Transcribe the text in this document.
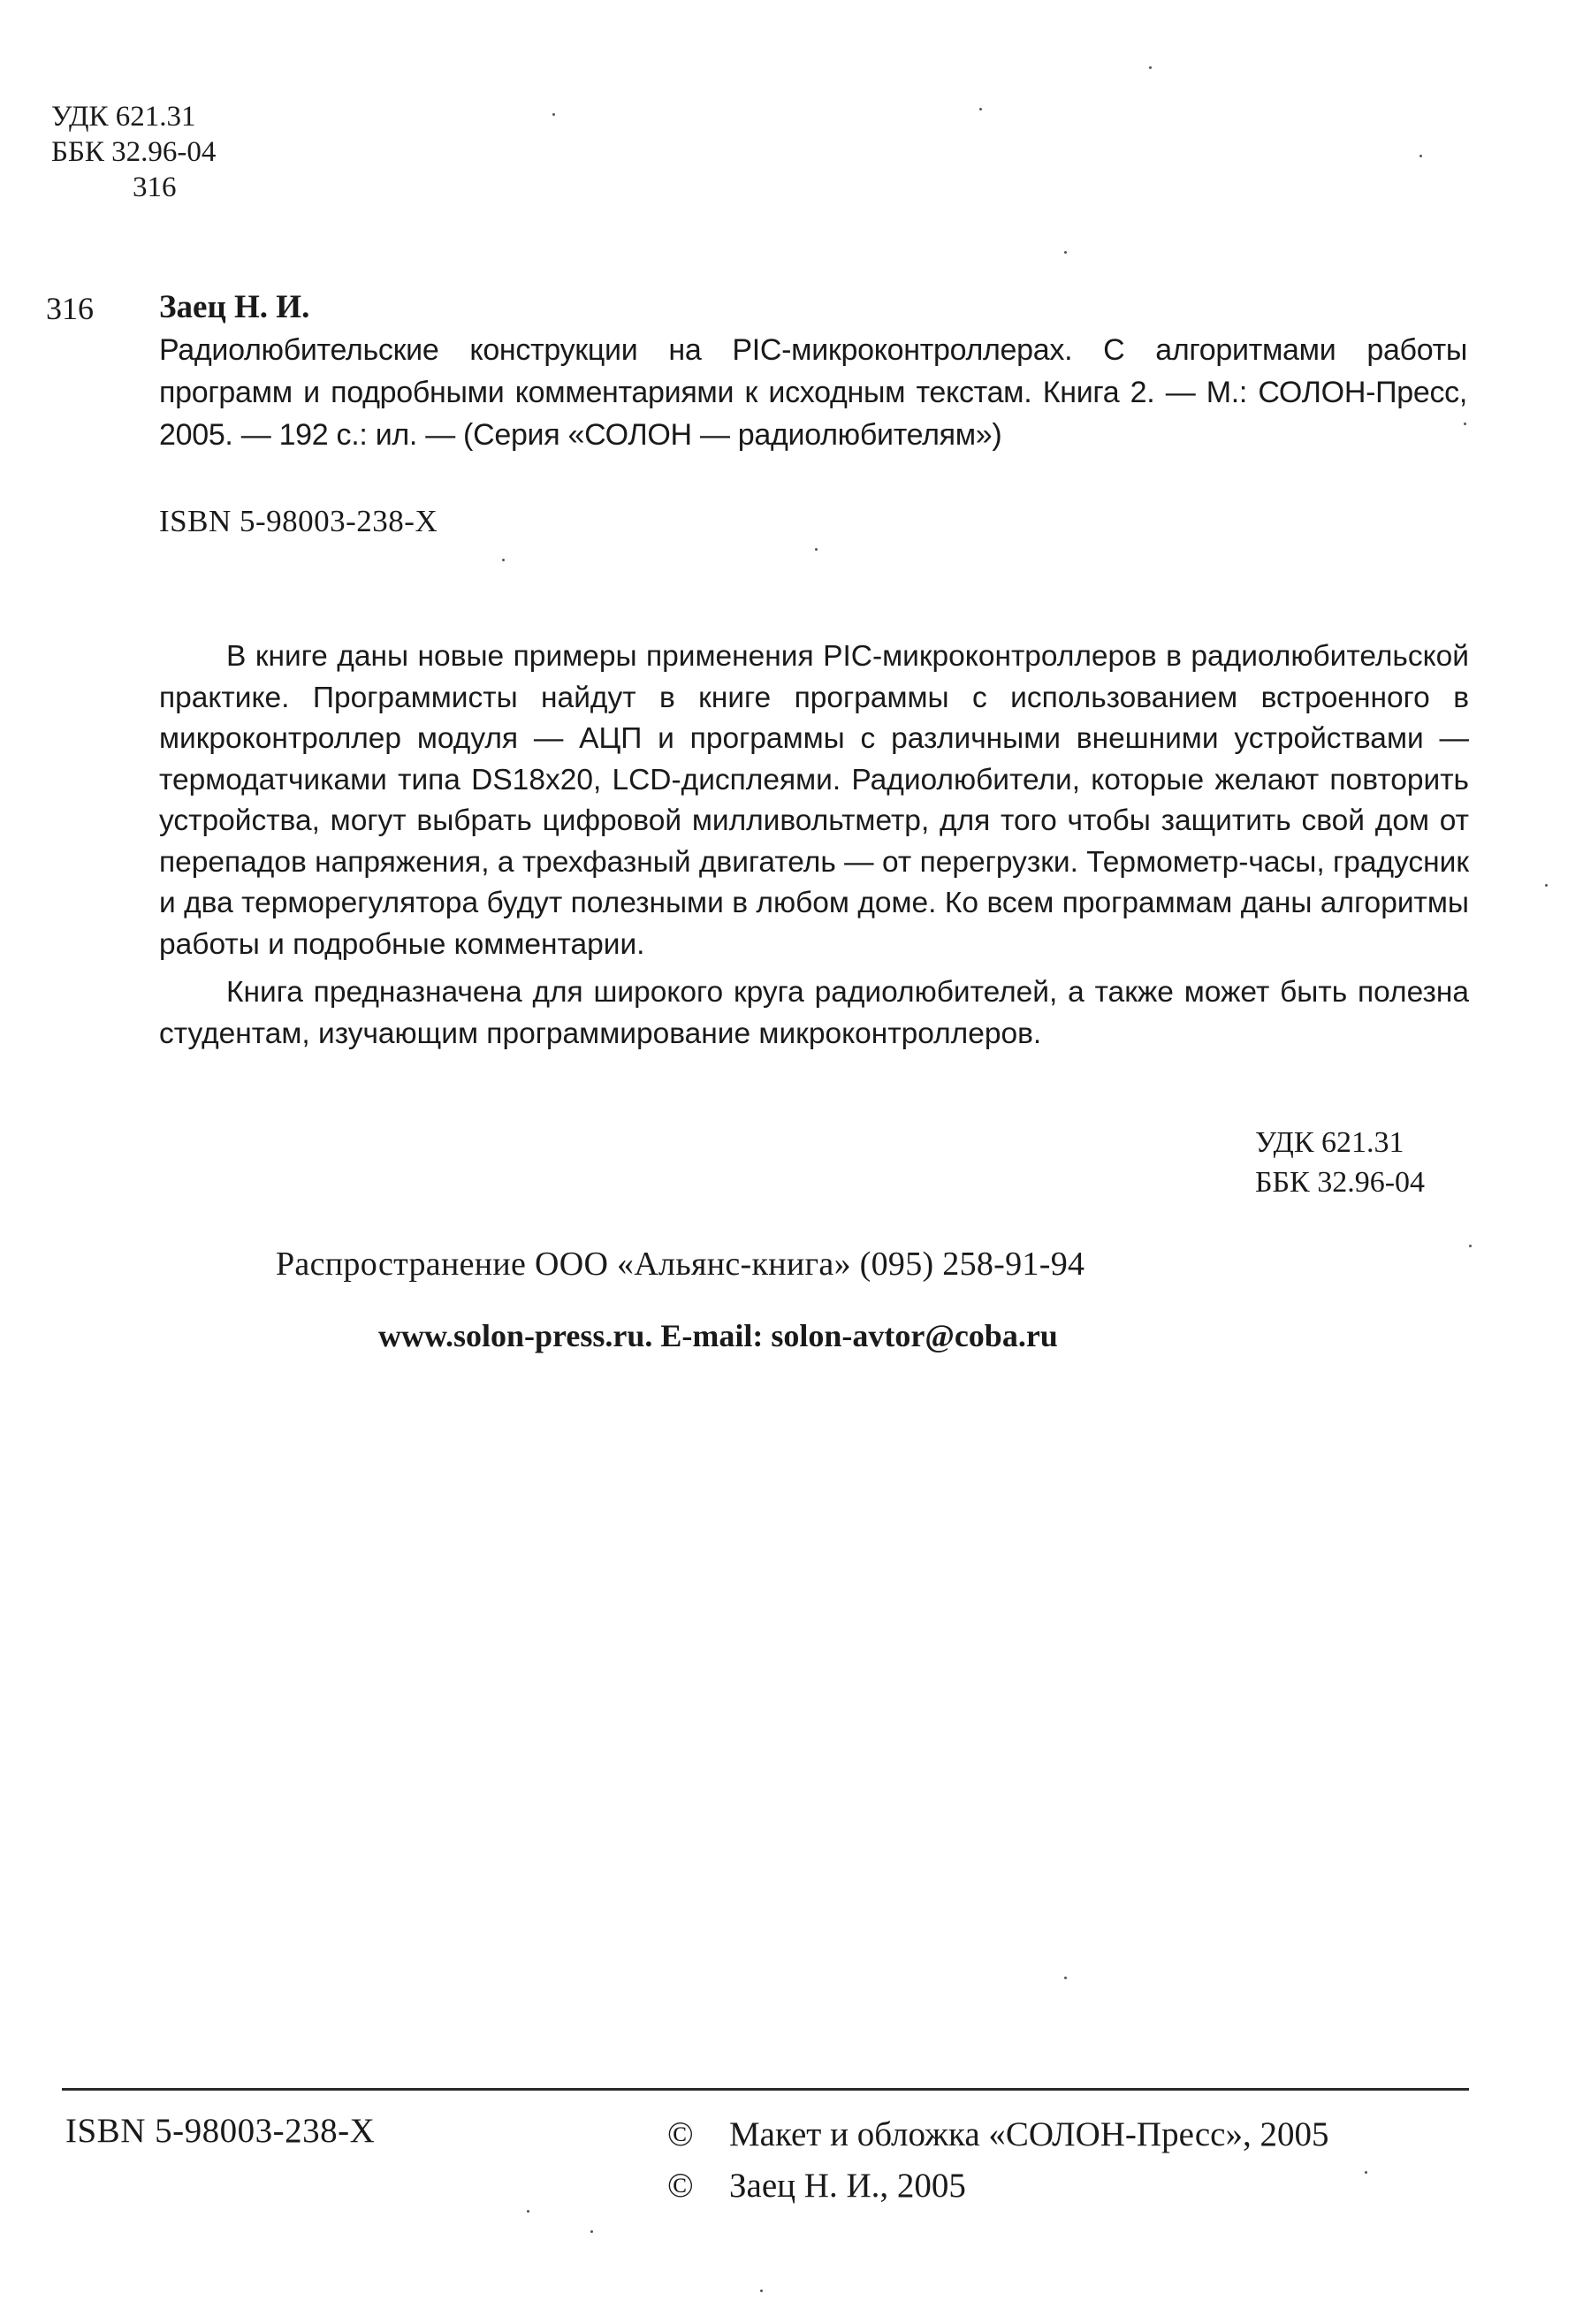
УДК 621.31
ББК 32.96-04
316
316 Заец Н. И.
Радиолюбительские конструкции на PIC-микроконтроллерах. С алгоритмами работы программ и подробными комментариями к исходным текстам. Книга 2. — М.: СОЛОН-Пресс, 2005. — 192 с.: ил. — (Серия «СОЛОН — радиолюбителям»)
ISBN 5-98003-238-X

В книге даны новые примеры применения PIC-микроконтроллеров в радиолюбительской практике. Программисты найдут в книге программы с использованием встроенного в микроконтроллер модуля — АЦП и программы с различными внешними устройствами — термодатчиками типа DS18x20, LCD-дисплеями. Радиолюбители, которые желают повторить устройства, могут выбрать цифровой милливольтметр, для того чтобы защитить свой дом от перепадов напряжения, а трехфазный двигатель — от перегрузки. Термометр-часы, градусник и два терморегулятора будут полезными в любом доме. Ко всем программам даны алгоритмы работы и подробные комментарии.

Книга предназначена для широкого круга радиолюбителей, а также может быть полезна студентам, изучающим программирование микроконтроллеров.

УДК 621.31
ББК 32.96-04
Распространение ООО «Альянс-книга» (095) 258-91-94
www.solon-press.ru. E-mail: solon-avtor@coba.ru
ISBN 5-98003-238-X	© Макет и обложка «СОЛОН-Пресс», 2005
© Заец Н. И., 2005
